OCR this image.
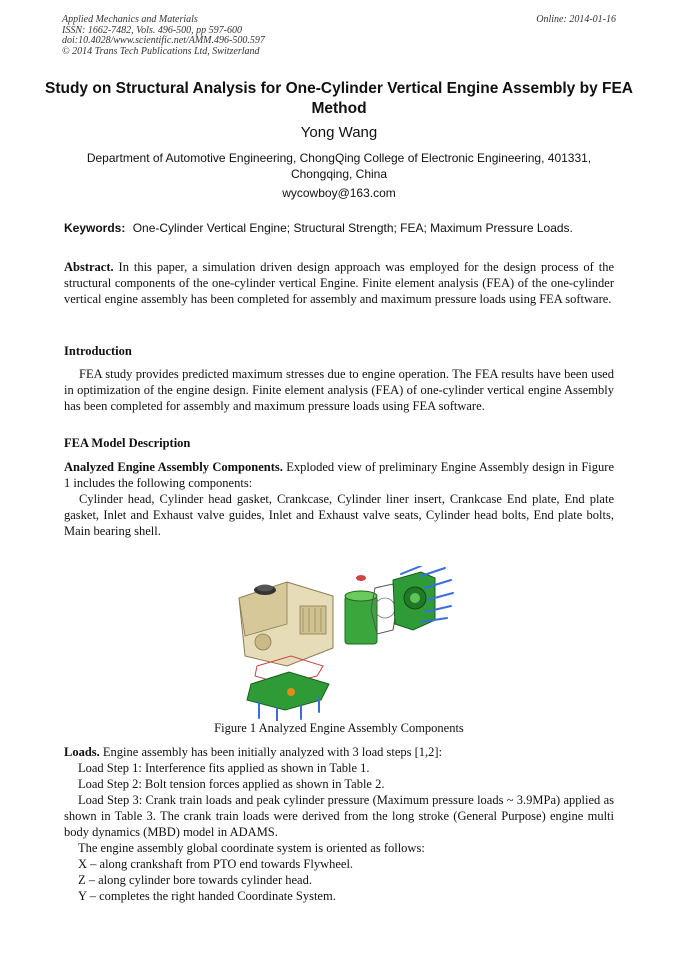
Applied Mechanics and Materials
ISSN: 1662-7482, Vols. 496-500, pp 597-600
doi:10.4028/www.scientific.net/AMM.496-500.597
© 2014 Trans Tech Publications Ltd, Switzerland
Online: 2014-01-16
Study on Structural Analysis for One-Cylinder Vertical Engine Assembly by FEA Method
Yong Wang
Department of Automotive Engineering, ChongQing College of Electronic Engineering, 401331, Chongqing, China
wycowboy@163.com
Keywords: One-Cylinder Vertical Engine; Structural Strength; FEA; Maximum Pressure Loads.

Abstract. In this paper, a simulation driven design approach was employed for the design process of the structural components of the one-cylinder vertical Engine. Finite element analysis (FEA) of the one-cylinder vertical engine assembly has been completed for assembly and maximum pressure loads using FEA software.

Introduction

FEA study provides predicted maximum stresses due to engine operation. The FEA results have been used in optimization of the engine design. Finite element analysis (FEA) of one-cylinder vertical engine Assembly has been completed for assembly and maximum pressure loads using FEA software.

FEA Model Description

Analyzed Engine Assembly Components. Exploded view of preliminary Engine Assembly design in Figure 1 includes the following components:

Cylinder head, Cylinder head gasket, Crankcase, Cylinder liner insert, Crankcase End plate, End plate gasket, Inlet and Exhaust valve guides, Inlet and Exhaust valve seats, Cylinder head bolts, End plate bolts, Main bearing shell.

Figure 1 Analyzed Engine Assembly Components

Loads. Engine assembly has been initially analyzed with 3 load steps [1,2]:

Load Step 1: Interference fits applied as shown in Table 1.

Load Step 2: Bolt tension forces applied as shown in Table 2.

Load Step 3: Crank train loads and peak cylinder pressure (Maximum pressure loads ~ 3.9MPa) applied as shown in Table 3. The crank train loads were derived from the long stroke (General Purpose) engine multi body dynamics (MBD) model in ADAMS.

The engine assembly global coordinate system is oriented as follows:

X – along crankshaft from PTO end towards Flywheel.

Z – along cylinder bore towards cylinder head.

Y – completes the right handed Coordinate System.
